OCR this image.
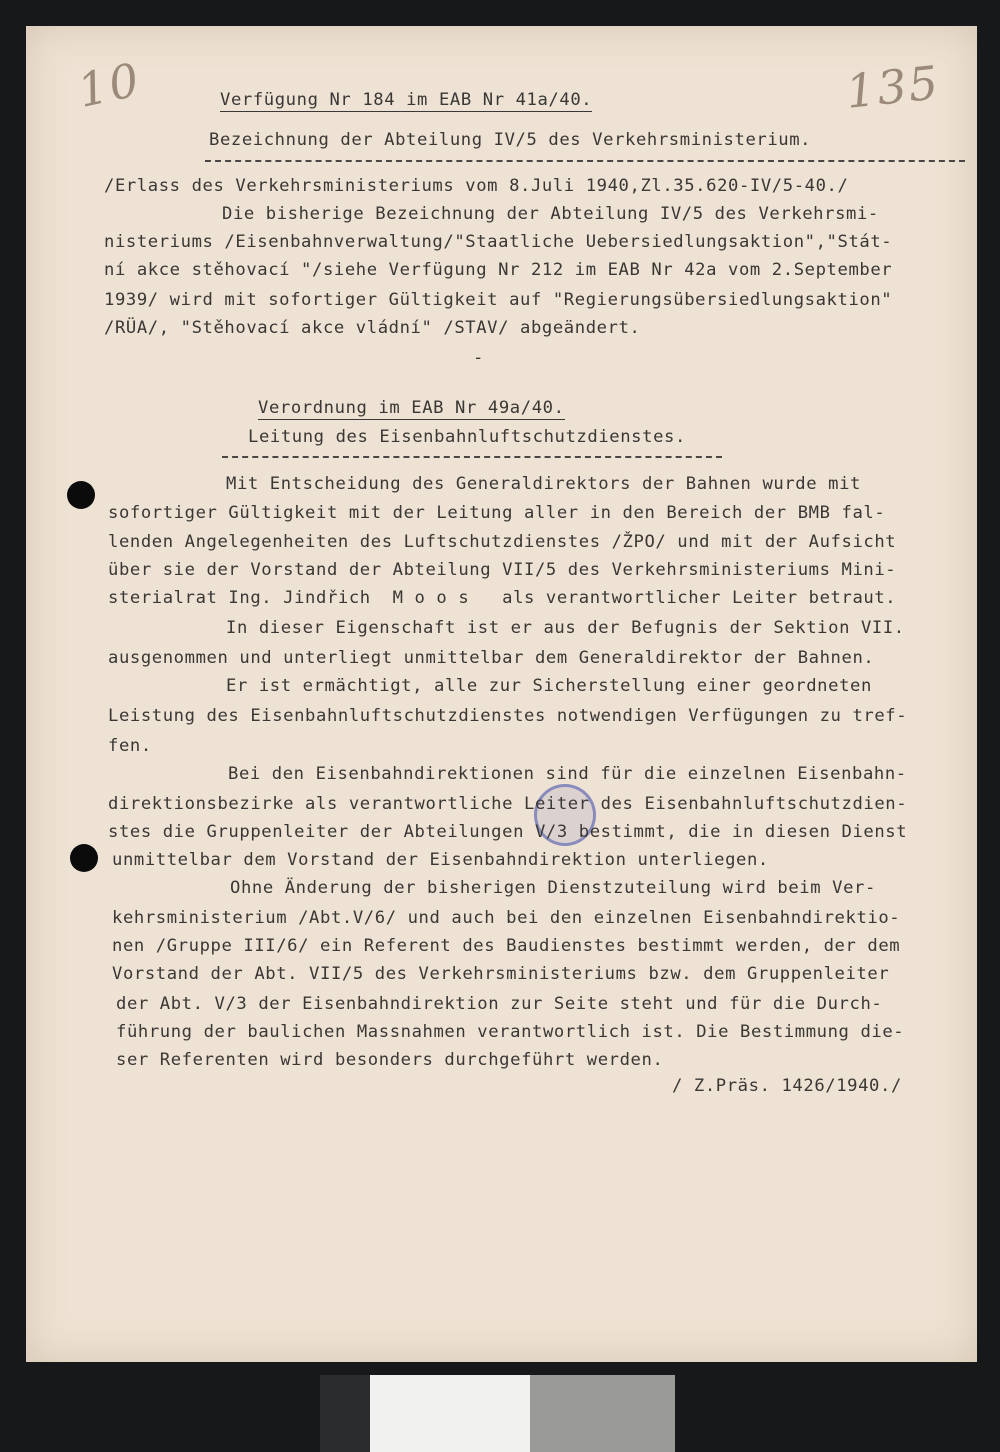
10	135
Verfügung Nr 184 im EAB Nr 41a/40.
Bezeichnung der Abteilung IV/5 des Verkehrsministerium.
/Erlass des Verkehrsministeriums vom 8.Juli 1940,Zl.35.620-IV/5-40./
Die bisherige Bezeichnung der Abteilung IV/5 des Verkehrsmi-
nisteriums /Eisenbahnverwaltung/"Staatliche Uebersiedlungsaktion","Stát-
ní akce stěhovací "/siehe Verfügung Nr 212 im EAB Nr 42a vom 2.September
1939/ wird mit sofortiger Gültigkeit auf "Regierungsübersiedlungsaktion"
/RÜA/, "Stěhovací akce vládní" /STAV/ abgeändert.
-
Verordnung im EAB Nr 49a/40.
Leitung des Eisenbahnluftschutzdienstes.
Mit Entscheidung des Generaldirektors der Bahnen wurde mit
sofortiger Gültigkeit mit der Leitung aller in den Bereich der BMB fal-
lenden Angelegenheiten des Luftschutzdienstes /ŽPO/ und mit der Aufsicht
über sie der Vorstand der Abteilung VII/5 des Verkehrsministeriums Mini-
sterialrat Ing. Jindřich  M o o s   als verantwortlicher Leiter betraut.
In dieser Eigenschaft ist er aus der Befugnis der Sektion VII.
ausgenommen und unterliegt unmittelbar dem Generaldirektor der Bahnen.
Er ist ermächtigt, alle zur Sicherstellung einer geordneten
Leistung des Eisenbahnluftschutzdienstes notwendigen Verfügungen zu tref-
fen.
Bei den Eisenbahndirektionen sind für die einzelnen Eisenbahn-
direktionsbezirke als verantwortliche Leiter des Eisenbahnluftschutzdien-
stes die Gruppenleiter der Abteilungen V/3 bestimmt, die in diesen Dienst
unmittelbar dem Vorstand der Eisenbahndirektion unterliegen.
Ohne Änderung der bisherigen Dienstzuteilung wird beim Ver-
kehrsministerium /Abt.V/6/ und auch bei den einzelnen Eisenbahndirektio-
nen /Gruppe III/6/ ein Referent des Baudienstes bestimmt werden, der dem
Vorstand der Abt. VII/5 des Verkehrsministeriums bzw. dem Gruppenleiter
der Abt. V/3 der Eisenbahndirektion zur Seite steht und für die Durch-
führung der baulichen Massnahmen verantwortlich ist. Die Bestimmung die-
ser Referenten wird besonders durchgeführt werden.
/ Z.Präs. 1426/1940./
